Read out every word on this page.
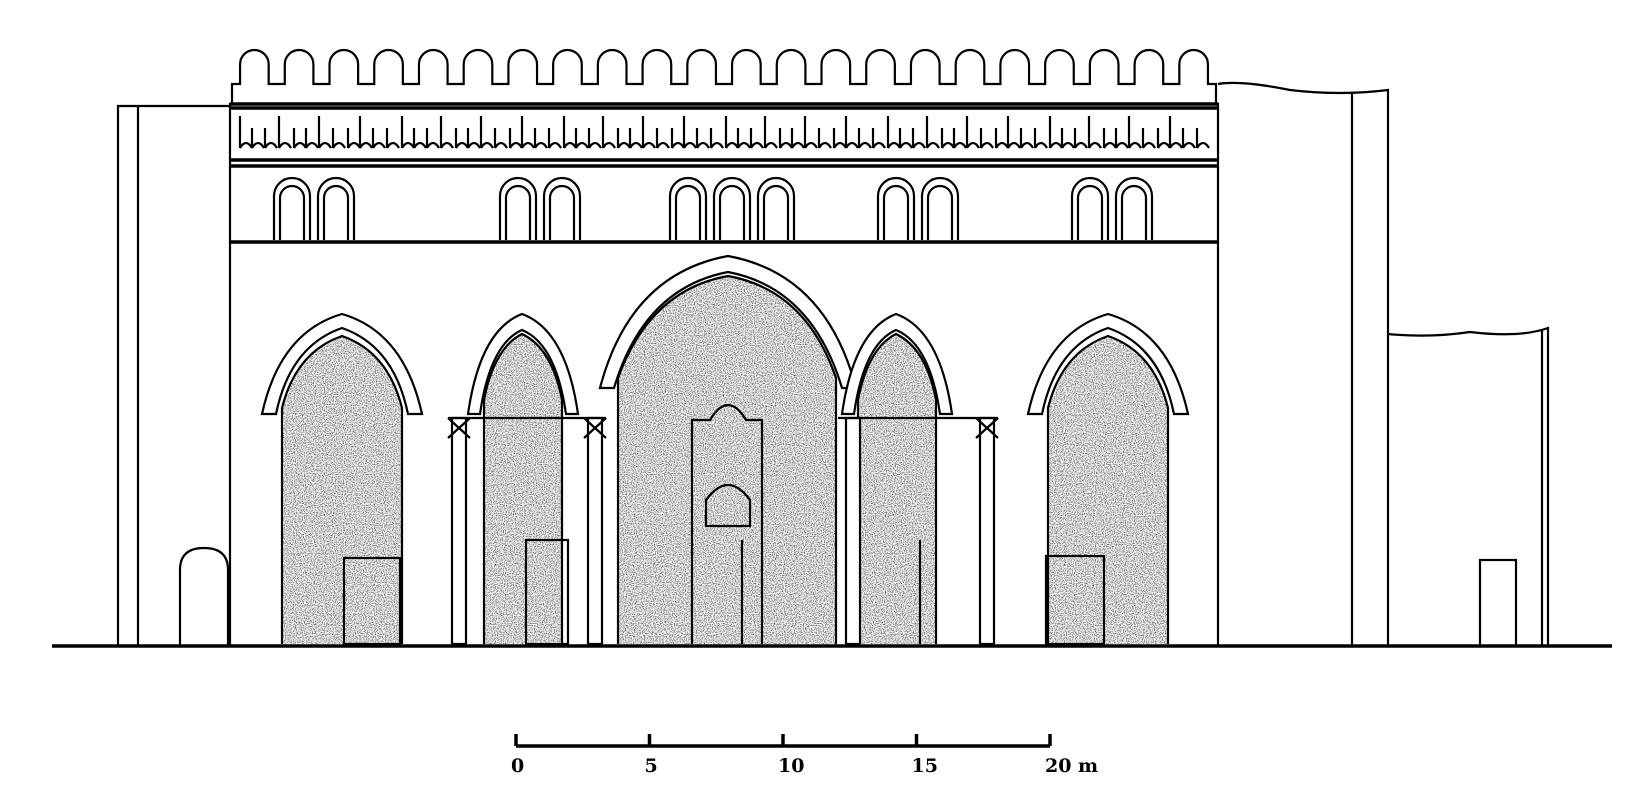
0	5	10	15	20 m
